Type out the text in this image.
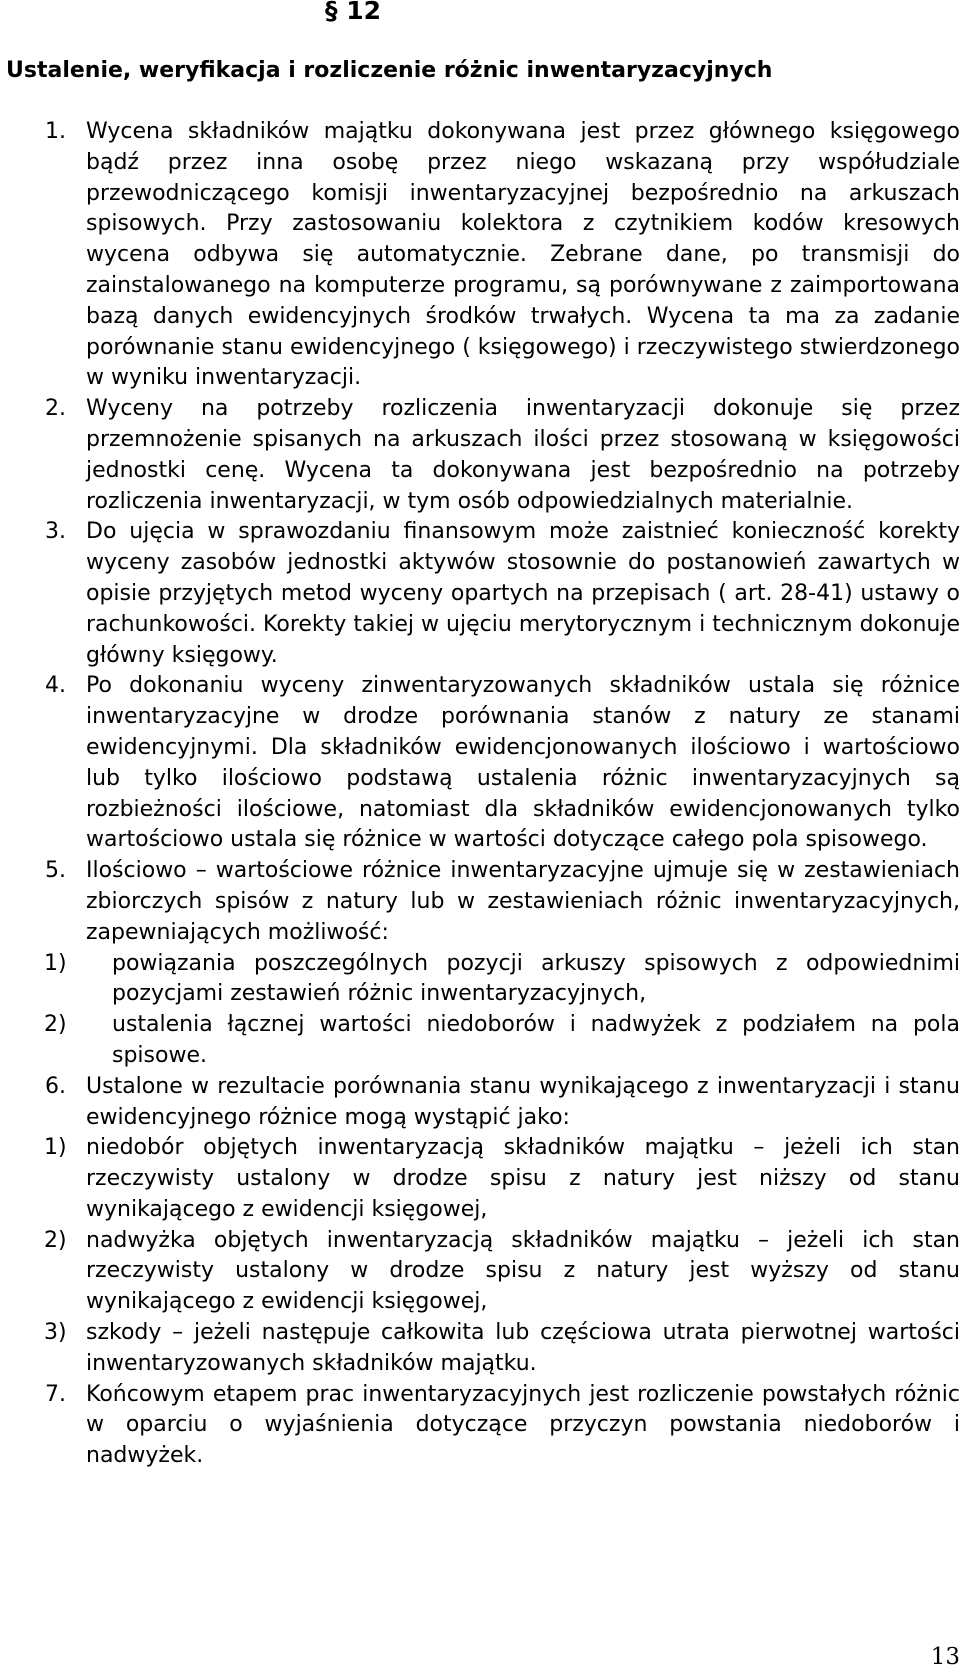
§ 12
Ustalenie, weryfikacja i rozliczenie różnic inwentaryzacyjnych
1. Wycena składników majątku dokonywana jest przez głównego księgowego bądź przez inna osobę przez niego wskazaną przy współudziale przewodniczącego komisji inwentaryzacyjnej bezpośrednio na arkuszach spisowych. Przy zastosowaniu kolektora z czytnikiem kodów kresowych wycena odbywa się automatycznie. Zebrane dane, po transmisji do zainstalowanego na komputerze programu, są porównywane z zaimportowana bazą danych ewidencyjnych środków trwałych. Wycena ta ma za zadanie porównanie stanu ewidencyjnego ( księgowego) i rzeczywistego stwierdzonego w wyniku inwentaryzacji.
2. Wyceny na potrzeby rozliczenia inwentaryzacji dokonuje się przez przemnożenie spisanych na arkuszach ilości przez stosowaną w księgowości jednostki cenę. Wycena ta dokonywana jest bezpośrednio na potrzeby rozliczenia inwentaryzacji, w tym osób odpowiedzialnych materialnie.
3. Do ujęcia w sprawozdaniu finansowym może zaistnieć konieczność korekty wyceny zasobów jednostki aktywów stosownie do postanowień zawartych w opisie przyjętych metod wyceny opartych na przepisach ( art. 28-41) ustawy o rachunkowości. Korekty takiej w ujęciu merytorycznym i technicznym dokonuje główny księgowy.
4. Po dokonaniu wyceny zinwentaryzowanych składników ustala się różnice inwentaryzacyjne w drodze porównania stanów z natury ze stanami ewidencyjnymi. Dla składników ewidencjonowanych ilościowo i wartościowo lub tylko ilościowo podstawą ustalenia różnic inwentaryzacyjnych są rozbieżności ilościowe, natomiast dla składników ewidencjonowanych tylko wartościowo ustala się różnice w wartości dotyczące całego pola spisowego.
5. Ilościowo – wartościowe różnice inwentaryzacyjne ujmuje się w zestawieniach zbiorczych spisów z natury lub w zestawieniach różnic inwentaryzacyjnych, zapewniających możliwość:
1) powiązania poszczególnych pozycji arkuszy spisowych z odpowiednimi pozycjami zestawień różnic inwentaryzacyjnych,
2) ustalenia łącznej wartości niedoborów i nadwyżek z podziałem na pola spisowe.
6. Ustalone w rezultacie porównania stanu wynikającego z inwentaryzacji i stanu ewidencyjnego różnice mogą wystąpić jako:
1) niedobór objętych inwentaryzacją składników majątku – jeżeli ich stan rzeczywisty ustalony w drodze spisu z natury jest niższy od stanu wynikającego z ewidencji księgowej,
2) nadwyżka objętych inwentaryzacją składników majątku – jeżeli ich stan rzeczywisty ustalony w drodze spisu z natury jest wyższy od stanu wynikającego z ewidencji księgowej,
3) szkody – jeżeli następuje całkowita lub częściowa utrata pierwotnej wartości inwentaryzowanych składników majątku.
7. Końcowym etapem prac inwentaryzacyjnych jest rozliczenie powstałych różnic w oparciu o wyjaśnienia dotyczące przyczyn powstania niedoborów i nadwyżek.
13
